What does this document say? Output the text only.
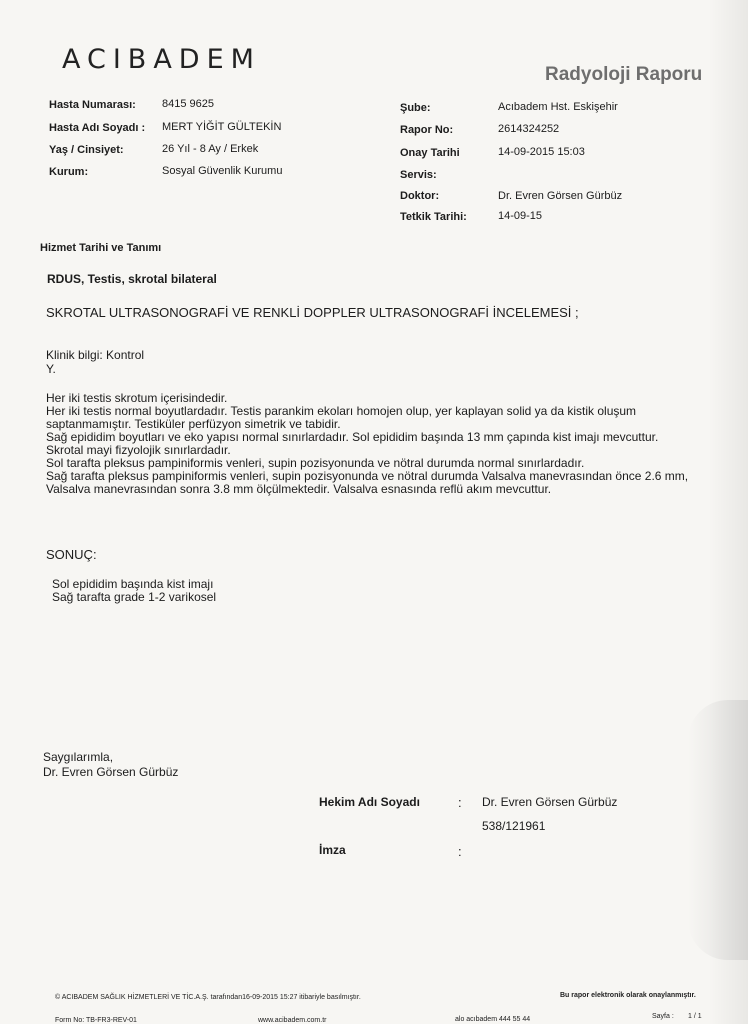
ACIBADEM	Radyoloji Raporu
Hasta Numarası: 8415 9625
Hasta Adı Soyadı : MERT YİĞİT GÜLTEKİN
Yaş / Cinsiyet:	26 Yıl - 8 Ay / Erkek
Kurum:	Sosyal Güvenlik Kurumu
Şube:	Acıbadem Hst. Eskişehir
Rapor No:	2614324252
Onay Tarihi	14-09-2015 15:03
Servis:
Doktor:	Dr. Evren Görsen Gürbüz
Tetkik Tarihi:	14-09-15
Hizmet Tarihi ve Tanımı
RDUS, Testis, skrotal bilateral
SKROTAL ULTRASONOGRAFİ VE RENKLİ DOPPLER ULTRASONOGRAFİ İNCELEMESİ ;
Klinik bilgi: Kontrol
Y.
Her iki testis skrotum içerisindedir.
Her iki testis normal boyutlardadır. Testis parankim ekoları homojen olup, yer kaplayan solid ya da kistik oluşum
saptanmamıştır. Testiküler perfüzyon simetrik ve tabidir.
Sağ epididim boyutları ve eko yapısı normal sınırlardadır. Sol epididim başında 13 mm çapında kist imajı mevcuttur.
Skrotal mayi fizyolojik sınırlardadır.
Sol tarafta pleksus pampiniformis venleri, supin pozisyonunda ve nötral durumda normal sınırlardadır.
Sağ tarafta pleksus pampiniformis venleri, supin pozisyonunda ve nötral durumda Valsalva manevrasından önce 2.6 mm,
Valsalva manevrasından sonra 3.8 mm ölçülmektedir. Valsalva esnasında reflü akım mevcuttur.
SONUÇ:
Sol epididim başında kist imajı
Sağ tarafta grade 1-2 varikosel
Saygılarımla,
Dr. Evren Görsen Gürbüz
Hekim Adı Soyadı	: Dr. Evren Görsen Gürbüz
538/121961
İmza	:
© ACIBADEM SAĞLIK HİZMETLERİ VE TİC.A.Ş. tarafından16-09-2015 15:27 itibariyle basılmıştır.	Bu rapor elektronik olarak onaylanmıştır.
Form No: TB-FR3-REV-01	www.acibadem.com.tr	alo acıbadem 444 55 44	Sayfa : 1 / 1
